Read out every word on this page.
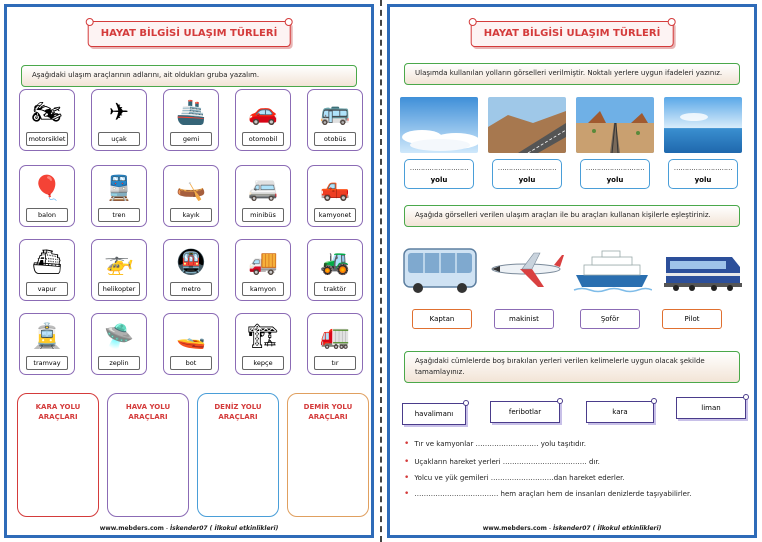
HAYAT BİLGİSİ ULAŞIM TÜRLERİ
Aşağıdaki ulaşım araçlarının adlarını, ait oldukları gruba yazalım.
🏍
motorsiklet
✈
uçak
🚢
gemi
🚗
otomobil
🚌
otobüs
🎈
balon
🚆
tren
🛶
kayık
🚐
minibüs
🛻
kamyonet
⛴
vapur
🚁
helikopter
🚇
metro
🚚
kamyon
🚜
traktör
🚊
tramvay
🛸
zeplin
🚤
bot
🏗
kepçe
🚛
tır
KARA YOLU ARAÇLARI
HAVA YOLU ARAÇLARI
DENİZ YOLU ARAÇLARI
DEMİR YOLU ARAÇLARI
www.mebders.com - İskender07 ( İlkokul etkinlikleri)
HAYAT BİLGİSİ ULAŞIM TÜRLERİ
Ulaşımda kullanılan yolların görselleri verilmiştir. Noktalı yerlere uygun ifadeleri yazınız.
………………………
yolu
………………………
yolu
………………………
yolu
………………………
yolu
Aşağıda görselleri verilen ulaşım araçları ile bu araçları kullanan kişilerle eşleştiriniz.
Kaptan	makinist	Şoför	Pilot
Aşağıdaki cümlelerde boş bırakılan yerleri verilen kelimelerle uygun olacak şekilde tamamlayınız.
havalimanı	feribotlar	kara	liman
• Tır ve kamyonlar ……………………… yolu taşıtıdır.
• Uçakların hareket yerleri ……………………………… dır.
• Yolcu ve yük gemileri ………………………dan hareket ederler.
• ……………………………… hem araçları hem de insanları denizlerde taşıyabilirler.
www.mebders.com - İskender07 ( İlkokul etkinlikleri)
